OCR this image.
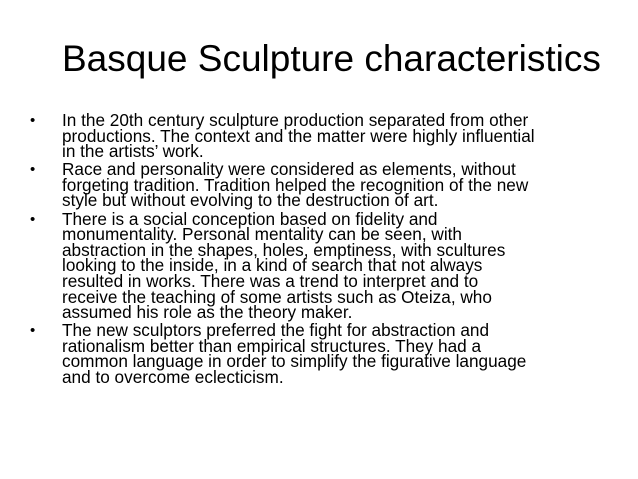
Basque Sculpture characteristics
• In the 20th century sculpture production separated from other
productions. The context and the matter were highly influential
in the artists’ work.
• Race and personality were considered as elements, without
forgeting tradition. Tradition helped the recognition of the new
style but without evolving to the destruction of art.
• There is a social conception based on fidelity and
monumentality. Personal mentality can be seen, with
abstraction in the shapes, holes, emptiness, with scultures
looking to the inside, in a kind of search that not always
resulted in works. There was a trend to interpret and to
receive the teaching of some artists such as Oteiza, who
assumed his role as the theory maker.
• The new sculptors preferred the fight for abstraction and
rationalism better than empirical structures. They had a
common language in order to simplify the figurative language
and to overcome eclecticism.
